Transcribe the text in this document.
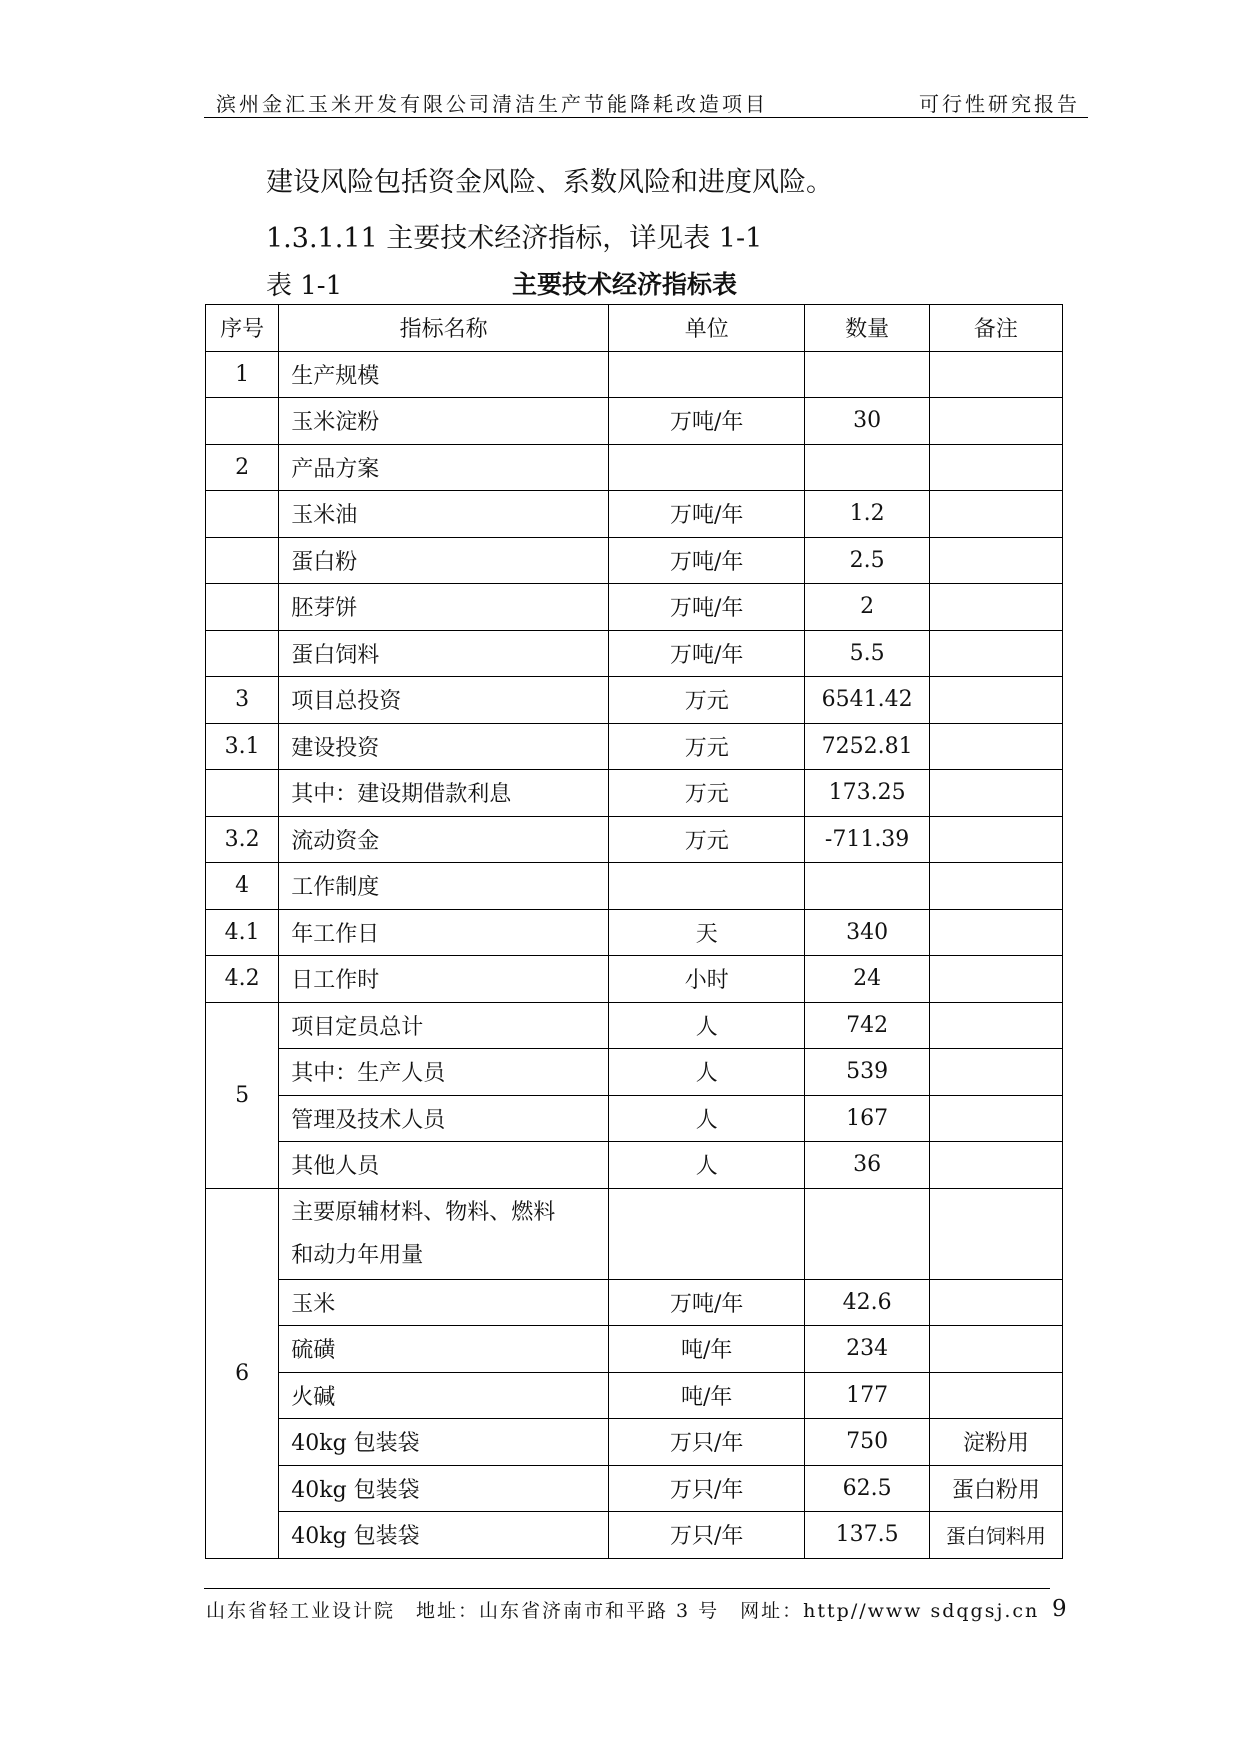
滨州金汇玉米开发有限公司清洁生产节能降耗改造项目	可行性研究报告
建设风险包括资金风险、系数风险和进度风险。
1.3.1.11 主要技术经济指标，详见表 1-1
表 1-1	主要技术经济指标表
序号	指标名称	单位	数量	备注
1	生产规模			
	玉米淀粉	万吨/年	30	
2	产品方案			
	玉米油	万吨/年	1.2	
	蛋白粉	万吨/年	2.5	
	胚芽饼	万吨/年	2	
	蛋白饲料	万吨/年	5.5	
3	项目总投资	万元	6541.42	
3.1	建设投资	万元	7252.81	
	其中：建设期借款利息	万元	173.25	
3.2	流动资金	万元	-711.39	
4	工作制度			
4.1	年工作日	天	340	
4.2	日工作时	小时	24	
5	项目定员总计	人	742	
	其中：生产人员	人	539	
	管理及技术人员	人	167	
	其他人员	人	36	
6	主要原辅材料、物料、燃料
和动力年用量			
	玉米	万吨/年	42.6	
	硫磺	吨/年	234	
	火碱	吨/年	177	
	40kg 包装袋	万只/年	750	淀粉用
	40kg 包装袋	万只/年	62.5	蛋白粉用
	40kg 包装袋	万只/年	137.5	蛋白饲料用
山东省轻工业设计院　地址：山东省济南市和平路 3 号　网址：http//www sdqgsj.cn 9
